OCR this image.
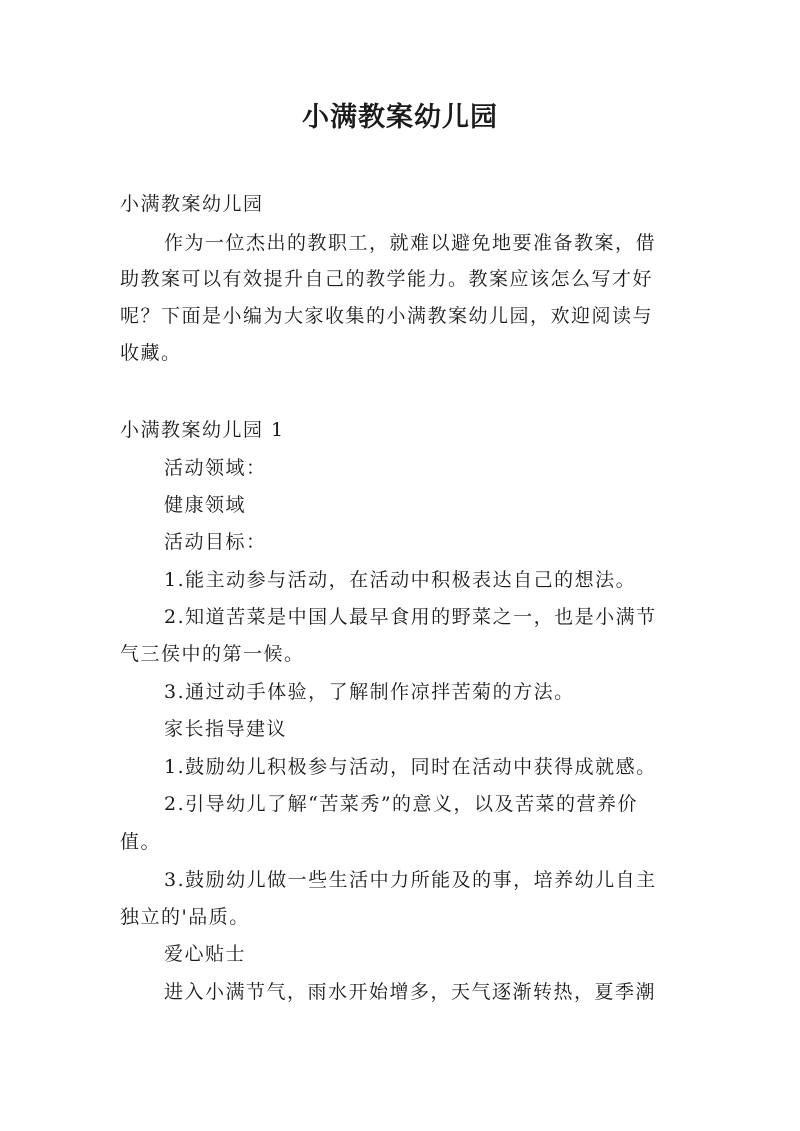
小满教案幼儿园
小满教案幼儿园
作为一位杰出的教职工，就难以避免地要准备教案，借
助教案可以有效提升自己的教学能力。教案应该怎么写才好
呢？下面是小编为大家收集的小满教案幼儿园，欢迎阅读与
收藏。
小满教案幼儿园 1
活动领域：
健康领域
活动目标：
1.能主动参与活动，在活动中积极表达自己的想法。
2.知道苦菜是中国人最早食用的野菜之一，也是小满节
气三侯中的第一候。
3.通过动手体验，了解制作凉拌苦菊的方法。
家长指导建议
1.鼓励幼儿积极参与活动，同时在活动中获得成就感。
2.引导幼儿了解“苦菜秀”的意义，以及苦菜的营养价
值。
3.鼓励幼儿做一些生活中力所能及的事，培养幼儿自主
独立的'品质。
爱心贴士
进入小满节气，雨水开始增多，天气逐渐转热，夏季潮
